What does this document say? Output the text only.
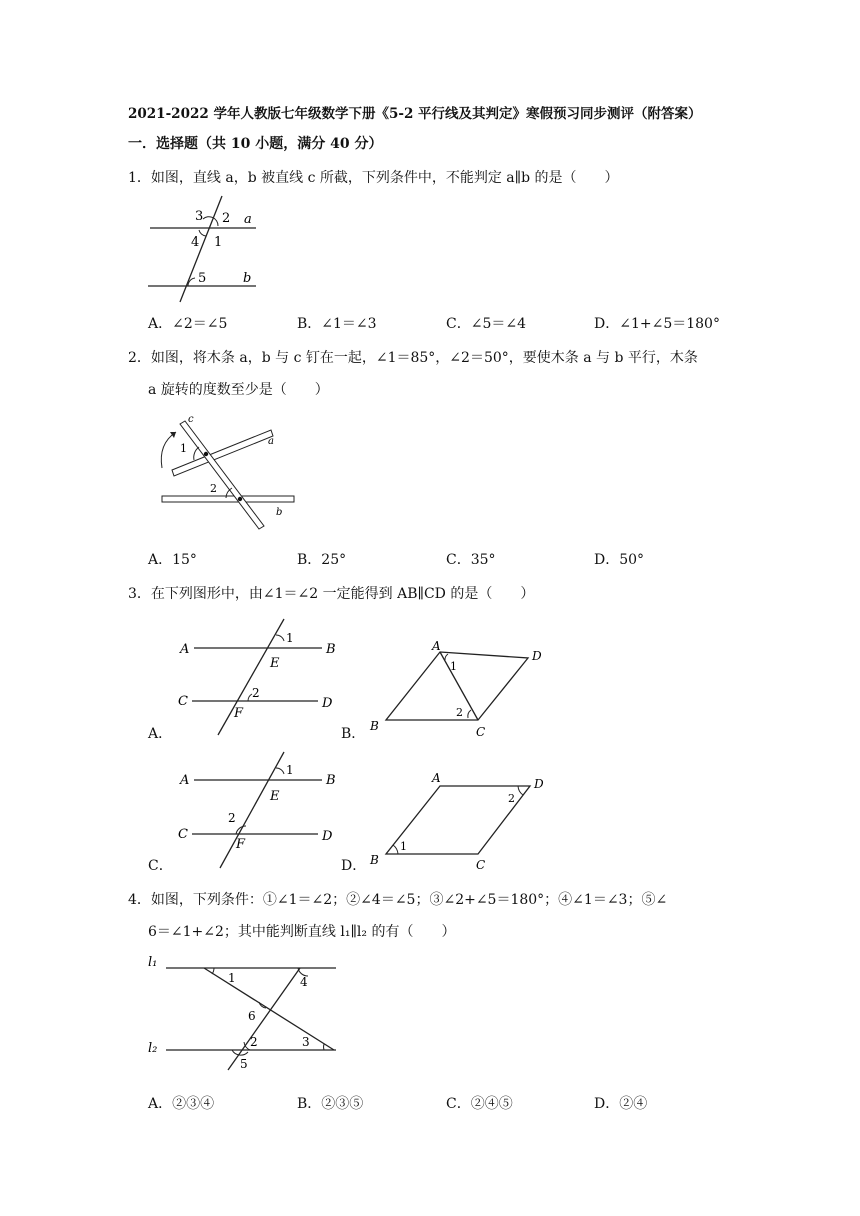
2021-2022 学年人教版七年级数学下册《5-2 平行线及其判定》寒假预习同步测评（附答案）
一．选择题（共 10 小题，满分 40 分）
1．如图，直线 a，b 被直线 c 所截，下列条件中，不能判定 a∥b 的是（　　）
3 2 a
4 1
5	b
A．∠2＝∠5	B．∠1＝∠3	C．∠5＝∠4	D．∠1+∠5＝180°
2．如图，将木条 a，b 与 c 钉在一起，∠1＝85°，∠2＝50°，要使木条 a 与 b 平行，木条
a 旋转的度数至少是（　　）
c
1
a
2
b
A．15°	B．25°	C．35°	D．50°
3．在下列图形中，由∠1＝∠2 一定能得到 AB∥CD 的是（　　）
A	B
1
E
C	D
2
F
A．
A
D
1
2
B	C
B．
A	B
1
E
2
C	D
F
C．
A	D
2
B
1
C
D．
4．如图，下列条件：①∠1＝∠2；②∠4＝∠5；③∠2+∠5＝180°；④∠1＝∠3；⑤∠
6＝∠1+∠2；其中能判断直线 l₁∥l₂ 的有（　　）
l₁
1	4
6
l₂	2	3
5
A．②③④	B．②③⑤	C．②④⑤	D．②④
